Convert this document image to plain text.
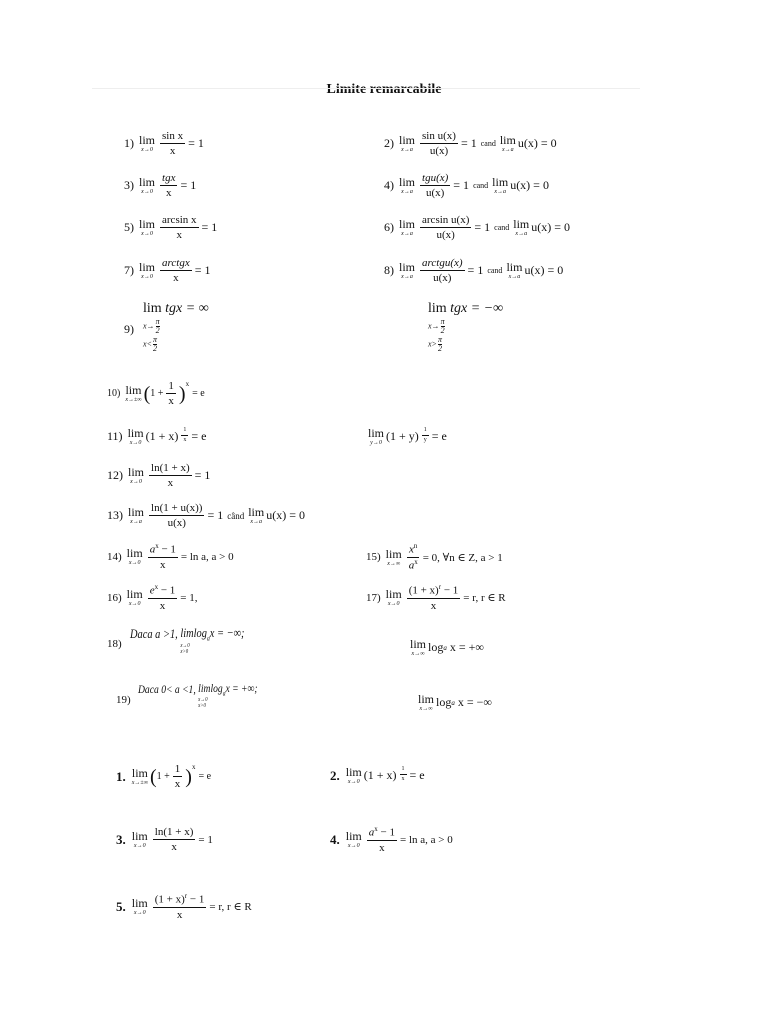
Limite remarcabile
1) lim
$x\to 0 \frac{\text{sin x}}{x} = 1$	2) lim
$x\to a \frac{\text{sin u(x)}}{u(x)} = 1$ cand lim
x→a u(x) = 0
3) lim
$x\to 0 \frac{\text{tgx}}{x} = 1$	4) lim
$x\to a \frac{\text{tgu(x)}}{u(x)} = 1$ cand lim
x→a u(x) = 0
5) lim
$x\to 0 \frac{\text{arcsin x}}{x} = 1$	6) lim
$x\to a \frac{\text{arcsin u(x)}}{u(x)} = 1$ cand lim
x→a u(x) = 0
7) lim
$x\to 0 \frac{\text{arctgx}}{x} = 1$	8) lim
$x\to a \frac{\text{arctgu(x)}}{u(x)} = 1$ cand lim
x→a u(x) = 0
9)
lim
tgx = ∞
$x\to \frac{\pi}{2}$
$x< \frac{\pi}{2}$
lim
tgx = −∞
$x\to \frac{\pi}{2}$
$x> \frac{\pi}{2}$
10) lim
x→±∞ ( $1 + \frac{1}{x} )^x$
= e
11) lim
x→0 $(1 + x) \frac{1}{x} = e$	lim
y→0 $(1 + y) \frac{1}{y} = e$
12) lim
$x\to 0 \frac{\ln(1 + x)}{x} = 1$
13) lim
$x\to a \frac{\ln(1 + u(x))}{u(x)} = 1$ când lim
x→a u(x) = 0
14) lim
$x\to 0 \frac{a^x - 1}{x} = \ln a$, a > 0	15) lim
$x\to\infty \frac{x^n}{a^x} = 0$, ∀n ∈ Z, a > 1
16) lim
$x\to 0 \frac{e^x - 1}{x} = 1$,	17) lim
$x\to 0 \frac{(1 + x)^r - 1}{x} = r$, r ∈ R
18)
Daca
a >1,
limlog$_a$x = −∞;
x→0
x>0
lim
x→∞ log a x = +∞
19)
Daca
0< a <1,
limlog$_a$x = +∞;
x→0
x>0
lim
x→∞ log a x = −∞
1. lim
x→±∞ ( $1 + \frac{1}{x} )^x$
= e	2. lim
x→0 $(1 + x) \frac{1}{x} = e$
3. lim
$x\to 0 \frac{\ln(1 + x)}{x} = 1$	4. lim
$x\to 0 \frac{a^x - 1}{x} = \ln a$, a > 0
5. lim
$x\to 0 \frac{(1 + x)^r - 1}{x} = r$, r ∈ R
